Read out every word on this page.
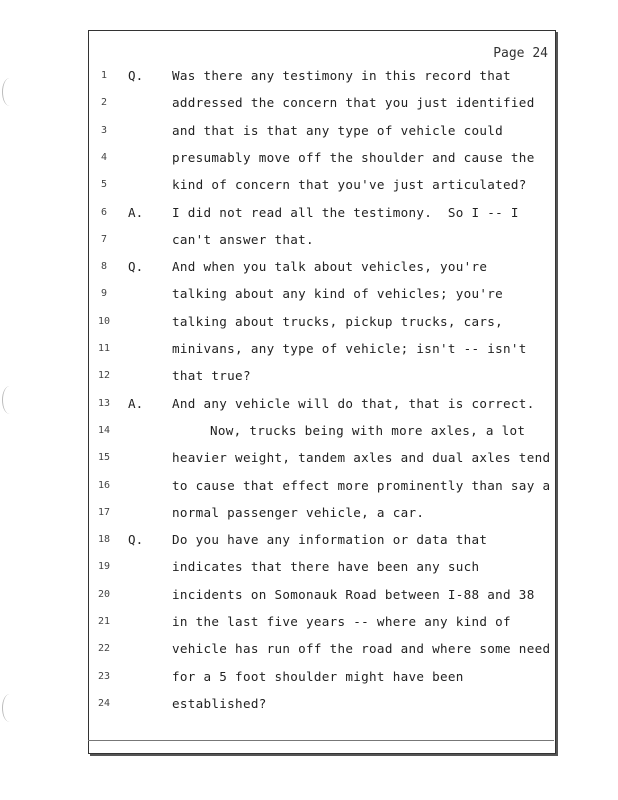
Page 24
1	Q. Was there any testimony in this record that
2	addressed the concern that you just identified
3	and that is that any type of vehicle could
4	presumably move off the shoulder and cause the
5	kind of concern that you've just articulated?
6	A. I did not read all the testimony.  So I -- I
7	can't answer that.
8	Q. And when you talk about vehicles, you're
9	talking about any kind of vehicles; you're
10	talking about trucks, pickup trucks, cars,
11	minivans, any type of vehicle; isn't -- isn't
12	that true?
13	A. And any vehicle will do that, that is correct.
14	Now, trucks being with more axles, a lot
15	heavier weight, tandem axles and dual axles tend
16	to cause that effect more prominently than say a
17	normal passenger vehicle, a car.
18	Q. Do you have any information or data that
19	indicates that there have been any such
20	incidents on Somonauk Road between I-88 and 38
21	in the last five years -- where any kind of
22	vehicle has run off the road and where some need
23	for a 5 foot shoulder might have been
24	established?
